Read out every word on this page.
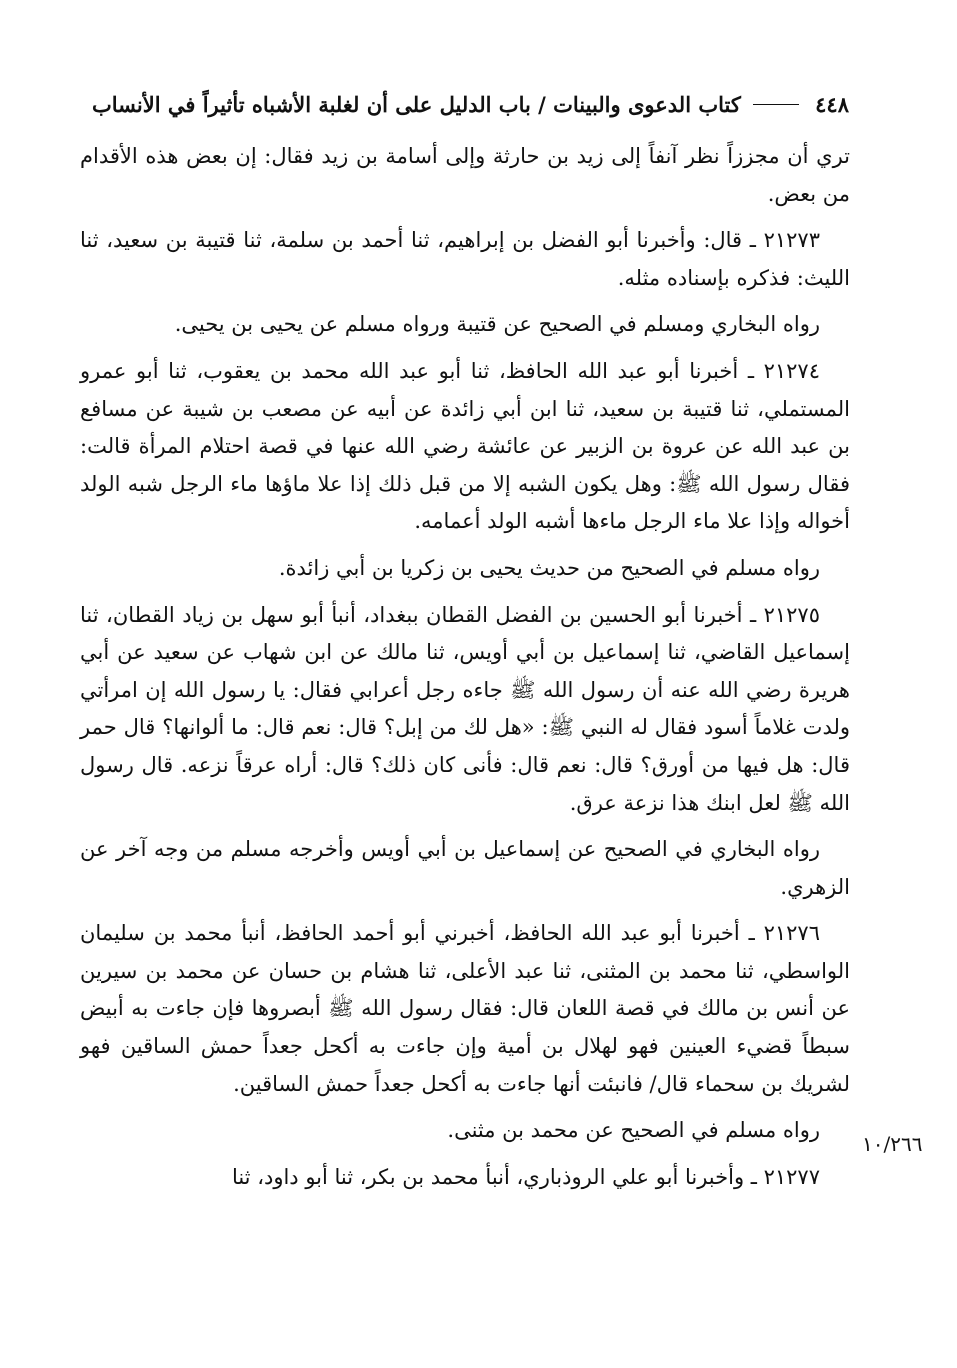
٤٤٨
كتاب الدعوى والبينات / باب الدليل على أن لغلبة الأشباه تأثيراً في الأنساب

تري أن مجززاً نظر آنفاً إلى زيد بن حارثة وإلى أسامة بن زيد فقال: إن بعض هذه الأقدام من بعض.

٢١٢٧٣ ـ قال: وأخبرنا أبو الفضل بن إبراهيم، ثنا أحمد بن سلمة، ثنا قتيبة بن سعيد، ثنا الليث: فذكره بإسناده مثله.

رواه البخاري ومسلم في الصحيح عن قتيبة ورواه مسلم عن يحيى بن يحيى.

٢١٢٧٤ ـ أخبرنا أبو عبد الله الحافظ، ثنا أبو عبد الله محمد بن يعقوب، ثنا أبو عمرو المستملي، ثنا قتيبة بن سعيد، ثنا ابن أبي زائدة عن أبيه عن مصعب بن شيبة عن مسافع بن عبد الله عن عروة بن الزبير عن عائشة رضي الله عنها في قصة احتلام المرأة قالت: فقال رسول الله ﷺ: وهل يكون الشبه إلا من قبل ذلك إذا علا ماؤها ماء الرجل شبه الولد أخواله وإذا علا ماء الرجل ماءها أشبه الولد أعمامه.

رواه مسلم في الصحيح من حديث يحيى بن زكريا بن أبي زائدة.

٢١٢٧٥ ـ أخبرنا أبو الحسين بن الفضل القطان ببغداد، أنبأ أبو سهل بن زياد القطان، ثنا إسماعيل القاضي، ثنا إسماعيل بن أبي أويس، ثنا مالك عن ابن شهاب عن سعيد عن أبي هريرة رضي الله عنه أن رسول الله ﷺ جاءه رجل أعرابي فقال: يا رسول الله إن امرأتي ولدت غلاماً أسود فقال له النبي ﷺ: «هل لك من إبل؟ قال: نعم قال: ما ألوانها؟ قال حمر قال: هل فيها من أورق؟ قال: نعم قال: فأنى كان ذلك؟ قال: أراه عرقاً نزعه. قال رسول الله ﷺ لعل ابنك هذا نزعة عرق.

رواه البخاري في الصحيح عن إسماعيل بن أبي أويس وأخرجه مسلم من وجه آخر عن الزهري.

٢١٢٧٦ ـ أخبرنا أبو عبد الله الحافظ، أخبرني أبو أحمد الحافظ، أنبأ محمد بن سليمان الواسطي، ثنا محمد بن المثنى، ثنا عبد الأعلى، ثنا هشام بن حسان عن محمد بن سيرين عن أنس بن مالك في قصة اللعان قال: فقال رسول الله ﷺ أبصروها فإن جاءت به أبيض سبطاً قضيء العينين فهو لهلال بن أمية وإن جاءت به أكحل جعداً حمش الساقين فهو لشريك بن سحماء قال/ فانبئت أنها جاءت به أكحل جعداً حمش الساقين.

رواه مسلم في الصحيح عن محمد بن مثنى.

٢١٢٧٧ ـ وأخبرنا أبو علي الروذباري، أنبأ محمد بن بكر، ثنا أبو داود، ثنا

١٠/٢٦٦
